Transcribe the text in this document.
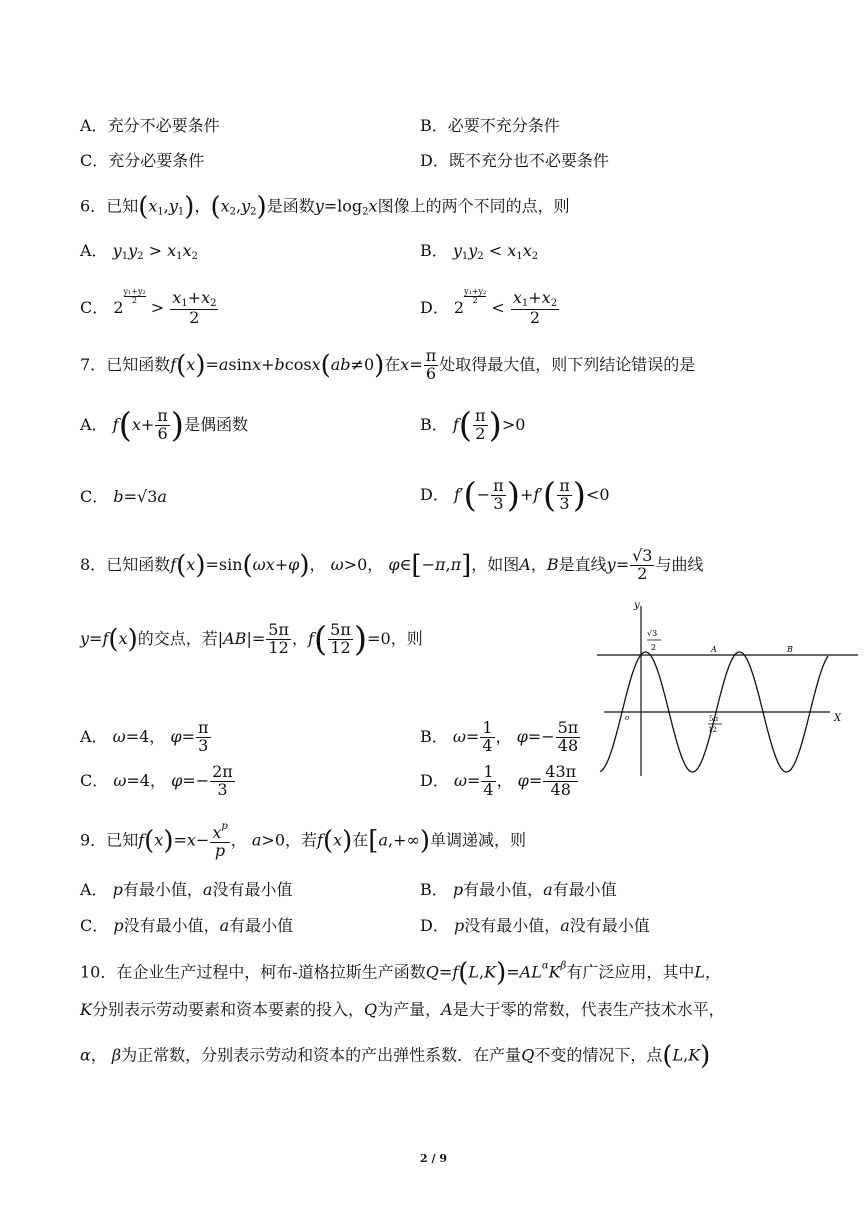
A．充分不必要条件	B．必要不充分条件
C．充分必要条件	D．既不充分也不必要条件
6．已知$(x_1,y_1)$，$(x_2,y_2)$是函数$y=\log_2x$图像上的两个不同的点，则
A． $y_1y_2 > x_1x_2$	B． $y_1y_2 < x_1x_2$
C． 2
$\frac{\text{y₁+y₂}}{2}$
> $\frac{x_1+x_2}{2}$	D． 2
$\frac{\text{y₁+y₂}}{2}$
< $\frac{x_1+x_2}{2}$
7．已知函数f(x)=asinx+bcosx(ab≠0)在$x= \frac{\pi}{6}$ 处取得最大值，则下列结论错误的是
A． $f(x+ \frac{\pi}{6}$ )是偶函数	B． $f( \frac{\pi}{2} )>0$
C． b=√3a	D． $f'(- \frac{\pi}{3} )+f'( \frac{\pi}{3} )<0$
8．已知函数f(x)=sin(ωx+φ)， ω>0， φ∈[−π,π]，如图A，B是直线$y= \frac{√3}{2}$ 与曲线
y=f(x)的交点，若$|AB|= \frac{5\pi}{12}$ ，$f( \frac{5\pi}{12} )=0$，则
y
X
o
√3
2	A	B
5π
12
A． ω=4， $\varphi= \frac{\pi}{3}$	B． $\omega= \frac{1}{4}$ ， $\varphi=- \frac{5\pi}{48}$
C． ω=4， $\varphi=- \frac{2\pi}{3}$	D． $\omega= \frac{1}{4}$ ， $\varphi= \frac{43\pi}{48}$
9．已知$f(x)=x- \frac{x^p}{p}$ ， a>0，若f(x)在[a,+∞)单调递减，则
A． p有最小值，a没有最小值	B． p有最小值，a有最小值
C． p没有最小值，a有最小值	D． p没有最小值，a没有最小值
10．在企业生产过程中，柯布-道格拉斯生产函数$Q=f(L,K)=AL^\alpha K^\beta$有广泛应用，其中L，
K分别表示劳动要素和资本要素的投入，Q为产量，A是大于零的常数，代表生产技术水平，
α， β为正常数，分别表示劳动和资本的产出弹性系数．在产量Q不变的情况下，点(L,K)
2 / 9
